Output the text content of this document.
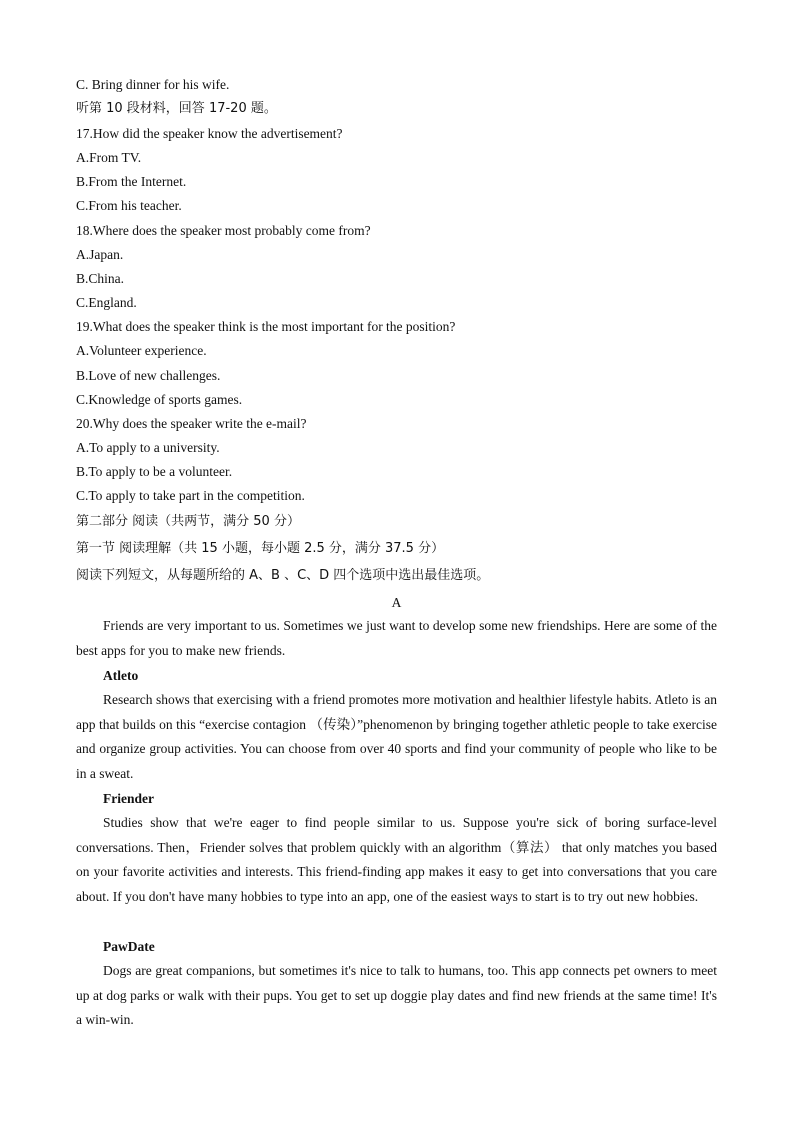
C. Bring dinner for his wife.
听第 10 段材料，回答 17-20 题。
17.How did the speaker know the advertisement?
A.From TV.
B.From the Internet.
C.From his teacher.
18.Where does the speaker most probably come from?
A.Japan.
B.China.
C.England.
19.What does the speaker think is the most important for the position?
A.Volunteer experience.
B.Love of new challenges.
C.Knowledge of sports games.
20.Why does the speaker write the e-mail?
A.To apply to a university.
B.To apply to be a volunteer.
C.To apply to take part in the competition.
第二部分 阅读（共两节，满分 50 分）
第一节 阅读理解（共 15 小题，每小题 2.5 分，满分 37.5 分）
阅读下列短文，从每题所给的 A、B 、C、D 四个选项中选出最佳选项。
A
Friends are very important to us. Sometimes we just want to develop some new friendships. Here are some of the best apps for you to make new friends.
Atleto
Research shows that exercising with a friend promotes more motivation and healthier lifestyle habits. Atleto is an app that builds on this “exercise contagion （传染）”phenomenon by bringing together athletic people to take exercise and organize group activities. You can choose from over 40 sports and find your community of people who like to be in a sweat.
Friender
Studies show that we're eager to find people similar to us. Suppose you're sick of boring surface-level conversations. Then，Friender solves that problem quickly with an algorithm（算法） that only matches you based on your favorite activities and interests. This friend-finding app makes it easy to get into conversations that you care about. If you don't have many hobbies to type into an app, one of the easiest ways to start is to try out new hobbies.
PawDate
Dogs are great companions, but sometimes it's nice to talk to humans, too. This app connects pet owners to meet up at dog parks or walk with their pups. You get to set up doggie play dates and find new friends at the same time! It's a win-win.
